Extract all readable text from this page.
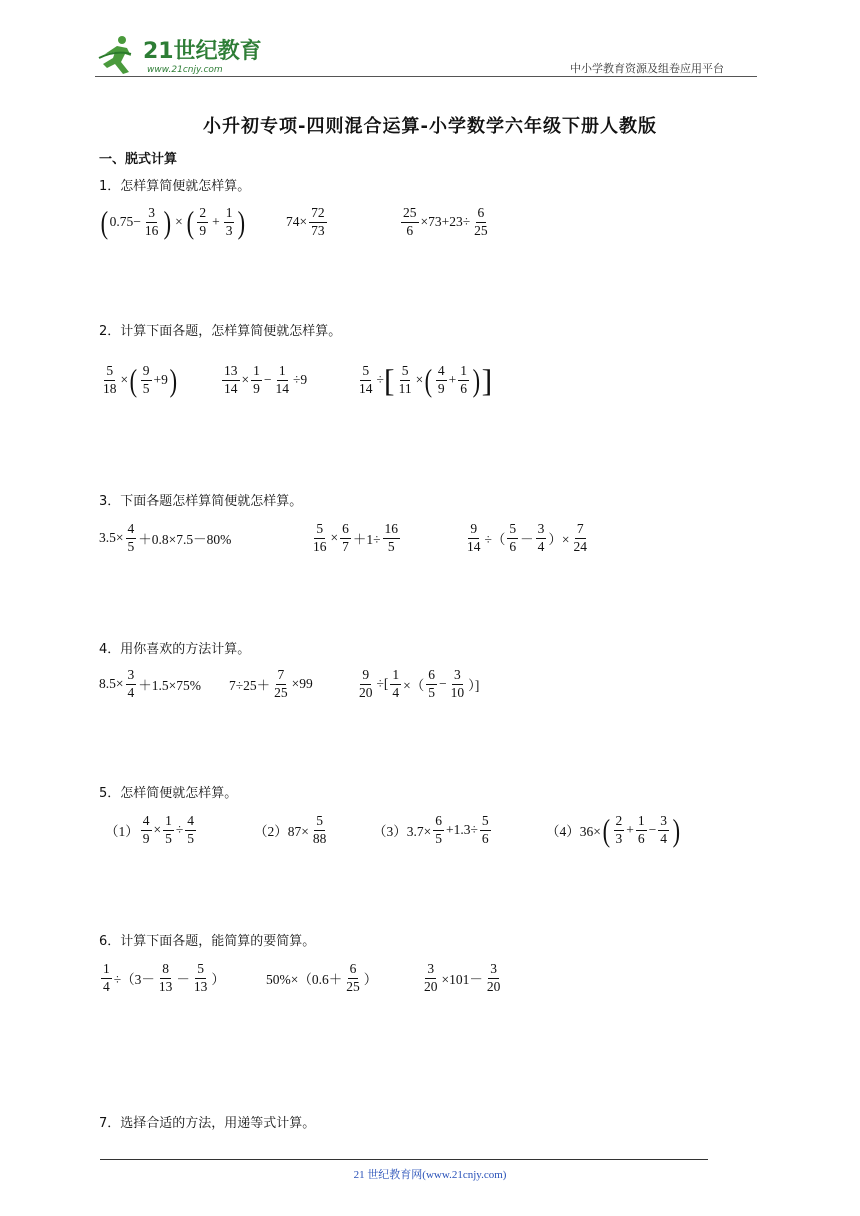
21世纪教育
www.21cnjy.com	中小学教育资源及组卷应用平台
小升初专项-四则混合运算-小学数学六年级下册人教版
一、脱式计算
1．怎样算简便就怎样算。
( $0.75- \frac{3}{16}$ ) × ( $\frac{2}{9} + \frac{1}{3}$ )	$74\times \frac{72}{73}$	$\frac{25}{6} \times 73+23\div \frac{6}{25}$
2．计算下面各题，怎样算简便就怎样算。
$\frac{5}{18}$ × ( $\frac{9}{5} +9$ )	$\frac{13}{14} \times \frac{1}{9} - \frac{1}{14} \div 9$	$\frac{5}{14}$ ÷ [ $\frac{5}{11}$ × ( $\frac{4}{9} + \frac{1}{6}$ ) ]
3．下面各题怎样算简便就怎样算。
$3.5\times \frac{4}{5} +0.8\times 7.5-80\%$	$\frac{5}{16} \times \frac{6}{7} +1\div \frac{16}{5}$	$\frac{9}{14}$ ÷（ $\frac{5}{6} - \frac{3}{4}$ ）× $\frac{7}{24}$
4．用你喜欢的方法计算。
$8.5\times \frac{3}{4} +1.5\times 75\%$ $7\div 25+ \frac{7}{25} \times 99$	$\frac{9}{20}$ ÷[ $\frac{1}{4}$ ×（ $\frac{6}{5} - \frac{3}{10}$ ）]
5．怎样简便就怎样算。
$(1) \frac{4}{9} \times \frac{1}{5} \div \frac{4}{5}$	$(2)87\times \frac{5}{88}$	$(3)3.7\times \frac{6}{5} +1.3\div \frac{5}{6}$	（4）36× ( $\frac{2}{3} + \frac{1}{6} - \frac{3}{4}$ )
6．计算下面各题，能简算的要简算。
$\frac{1}{4} \div(3- \frac{8}{13} - \frac{5}{13}$ ）	$50\%\times(0.6+ \frac{6}{25}$ ）	$\frac{3}{20} \times 101- \frac{3}{20}$
7．选择合适的方法，用递等式计算。
21 世纪教育网(www.21cnjy.com)
